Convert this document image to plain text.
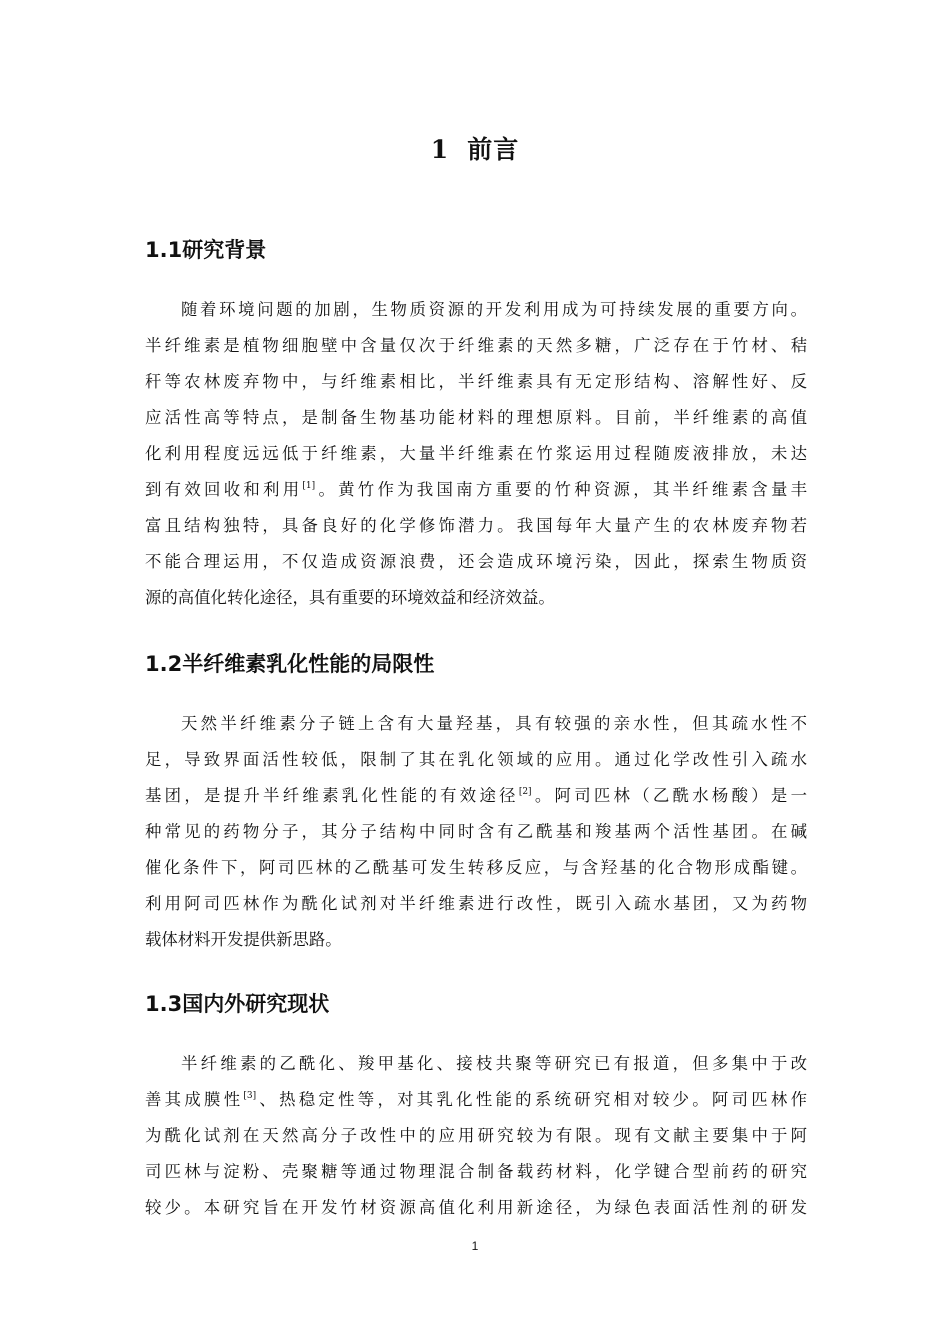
1 前言
1.1研究背景
随着环境问题的加剧，生物质资源的开发利用成为可持续发展的重要方向。
半纤维素是植物细胞壁中含量仅次于纤维素的天然多糖，广泛存在于竹材、秸
秆等农林废弃物中，与纤维素相比，半纤维素具有无定形结构、溶解性好、反
应活性高等特点，是制备生物基功能材料的理想原料。目前，半纤维素的高值
化利用程度远远低于纤维素，大量半纤维素在竹浆运用过程随废液排放，未达
到有效回收和利用[1]。黄竹作为我国南方重要的竹种资源，其半纤维素含量丰
富且结构独特，具备良好的化学修饰潜力。我国每年大量产生的农林废弃物若
不能合理运用，不仅造成资源浪费，还会造成环境污染，因此，探索生物质资
源的高值化转化途径，具有重要的环境效益和经济效益。
1.2半纤维素乳化性能的局限性
天然半纤维素分子链上含有大量羟基，具有较强的亲水性，但其疏水性不
足，导致界面活性较低，限制了其在乳化领域的应用。通过化学改性引入疏水
基团，是提升半纤维素乳化性能的有效途径[2]。阿司匹林（乙酰水杨酸）是一
种常见的药物分子，其分子结构中同时含有乙酰基和羧基两个活性基团。在碱
催化条件下，阿司匹林的乙酰基可发生转移反应，与含羟基的化合物形成酯键。
利用阿司匹林作为酰化试剂对半纤维素进行改性，既引入疏水基团，又为药物
载体材料开发提供新思路。
1.3国内外研究现状
半纤维素的乙酰化、羧甲基化、接枝共聚等研究已有报道，但多集中于改
善其成膜性[3]、热稳定性等，对其乳化性能的系统研究相对较少。阿司匹林作
为酰化试剂在天然高分子改性中的应用研究较为有限。现有文献主要集中于阿
司匹林与淀粉、壳聚糖等通过物理混合制备载药材料，化学键合型前药的研究
较少。本研究旨在开发竹材资源高值化利用新途径，为绿色表面活性剂的研发

1
